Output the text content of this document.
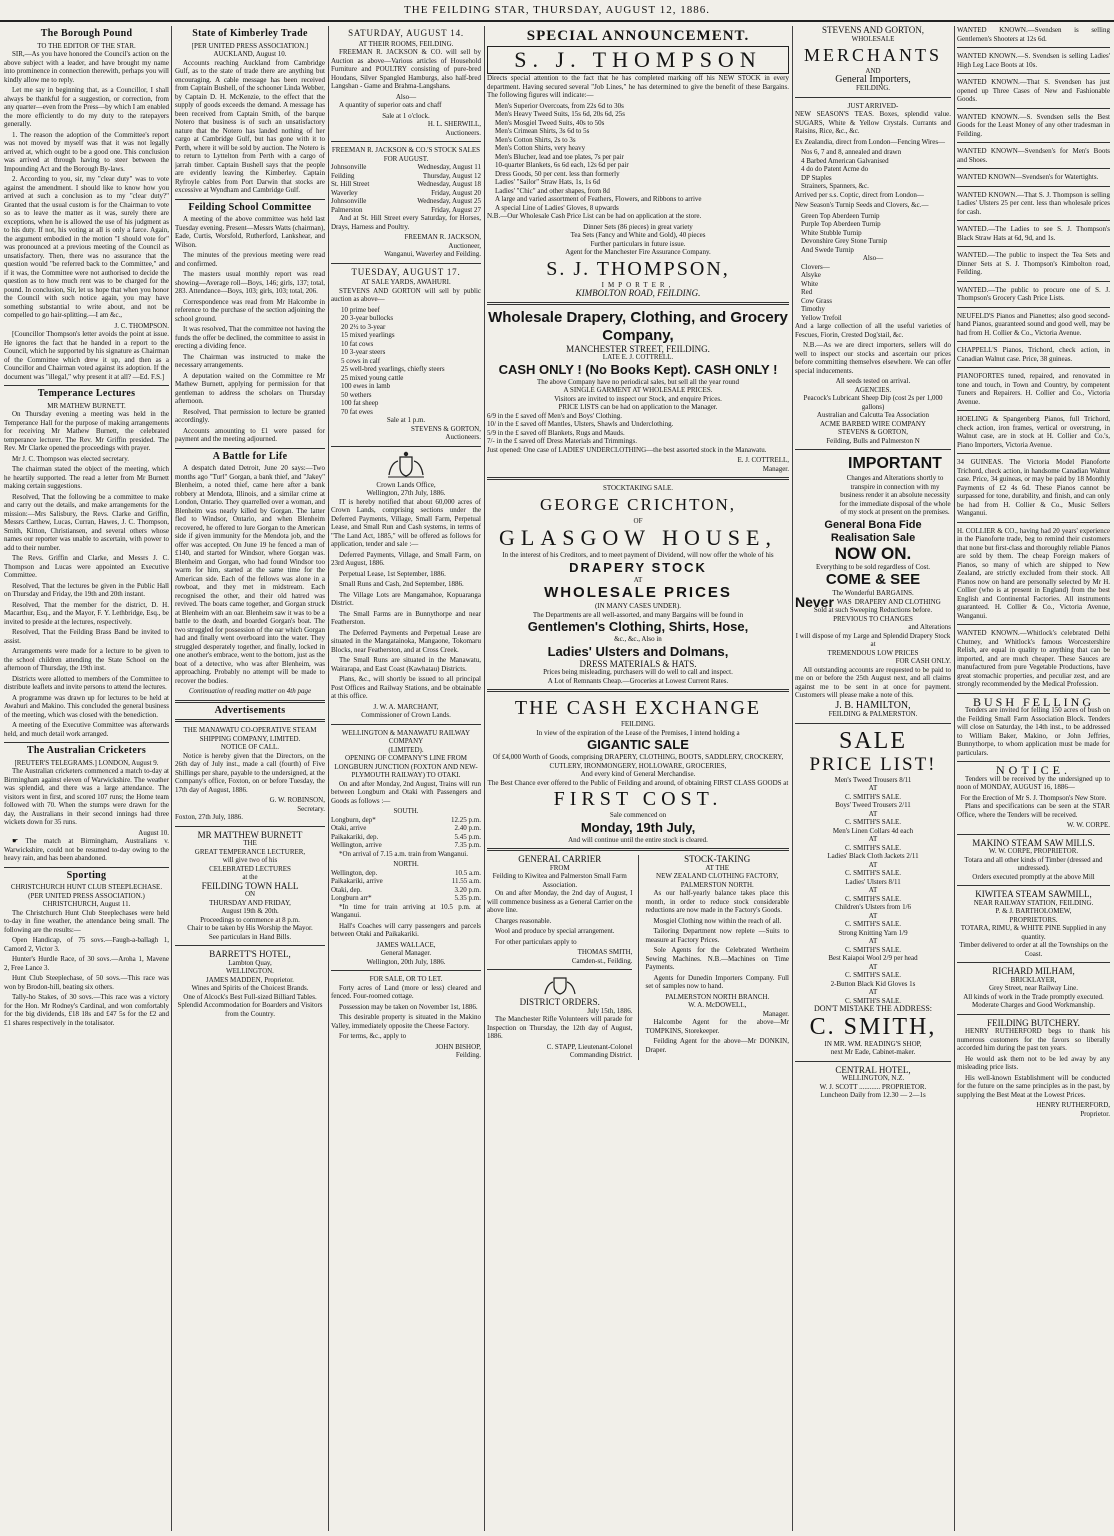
THE FEILDING STAR, THURSDAY, AUGUST 12, 1886.
The Borough Pound
TO THE EDITOR OF THE STAR.

SIR,—As you have honored the Council's action on the above subject with a leader, and have brought my name into prominence in connection therewith, perhaps you will kindly allow me to reply.

Let me say in beginning that, as a Councillor, I shall always be thankful for a suggestion, or correction, from any quarter—even from the Press—by which I am enabled the more efficiently to do my duty to the ratepayers generally.

1. The reason the adoption of the Committee's report was not moved by myself was that it was not legally arrived at, which ought to be a good one. This conclusion was arrived at through having to steer between the Impounding Act and the Borough By-laws.

2. According to you, sir, my "clear duty" was to vote against the amendment. I should like to know how you arrived at such a conclusion as to my "clear duty?" Granted that the usual custom is for the Chairman to vote so as to leave the matter as it was, surely there are exceptions, when he is allowed the use of his judgment as to his duty. If not, his voting at all is only a farce. Again, the argument embodied in the motion "I should vote for" was pronounced at a previous meeting of the Council as unsatisfactory. Then, there was no assurance that the question would "be referred back to the Committee," and if it was, the Committee were not authorised to decide the question as to how much rent was to be charged for the pound. In conclusion, Sir, let us hope that when you honor the Council with such notice again, you may have something substantial to write about, and not be compelled to go hair-splitting.—I am &c.,

J. C. THOMPSON.

[Councillor Thompson's letter avoids the point at issue. He ignores the fact that he handed in a report to the Council, which he supported by his signature as Chairman of the Committee which drew it up, and then as a Councillor and Chairman voted against its adoption. If the document was "illegal," why present it at all? —Ed. F.S.]

Temperance Lectures
MR MATHEW BURNETT.

On Thursday evening a meeting was held in the Temperance Hall for the purpose of making arrangements for receiving Mr Mathew Burnett, the celebrated temperance lecturer. The Rev. Mr Griffin presided. The Rev. Mr Clarke opened the proceedings with prayer.

Mr J. C. Thompson was elected secretary.

The chairman stated the object of the meeting, which he heartily supported. The read a letter from Mr Burnett making certain suggestions.

Resolved, That the following be a committee to make and carry out the details, and make arrangements for the mission:—Mrs Salisbury, the Revs. Clarke and Griffin, Messrs Carthew, Lucas, Curran, Hawes, J. C. Thompson, Smith, Kitton, Christiansen, and several others whose names our reporter was unable to ascertain, with power to add to their number.

The Revs. Griffin and Clarke, and Messrs J. C. Thompson and Lucas were appointed an Executive Committee.

Resolved, That the lectures be given in the Public Hall on Thursday and Friday, the 19th and 20th instant.

Resolved, That the member for the district, D. H. Macarthur, Esq., and the Mayor, F. Y. Lethbridge, Esq., be invited to preside at the lectures, respectively.

Resolved, That the Feilding Brass Band be invited to assist.

Arrangements were made for a lecture to be given to the school children attending the State School on the afternoon of Thursday, the 19th inst.

Districts were allotted to members of the Committee to distribute leaflets and invite persons to attend the lectures.

A programme was drawn up for lectures to be held at Awahuri and Makino. This concluded the general business of the meeting, which was closed with the benediction.

A meeting of the Executive Committee was afterwards held, and much detail work arranged.

The Australian Cricketers
[REUTER'S TELEGRAMS.] LONDON, August 9.

The Australian cricketers commenced a match to-day at Birmingham against eleven of Warwickshire. The weather was splendid, and there was a large attendance. The visitors went in first, and scored 107 runs; the Home team followed with 70. When the stumps were drawn for the day, the Australians in their second innings had three wickets down for 35 runs.

August 10.

☛ The match at Birmingham, Australians v. Warwickshire, could not be resumed to-day owing to the heavy rain, and has been abandoned.

Sporting
CHRISTCHURCH HUNT CLUB STEEPLECHASE.
(PER UNITED PRESS ASSOCIATION.) CHRISTCHURCH, August 11.

The Christchurch Hunt Club Steeplechases were held to-day in fine weather, the attendance being small. The following are the results:—

Open Handicap, of 75 sovs.—Faugh-a-ballagh 1, Camord 2, Victor 3.

Hunter's Hurdle Race, of 30 sovs.—Aroha 1, Mavene 2, Free Lance 3.

Hunt Club Steeplechase, of 50 sovs.—This race was won by Brodon-hill, beating six others.

Tally-ho Stakes, of 30 sovs.—This race was a victory for the Hon. Mr Rodney's Cardinal, and won comfortably for the big dividends, £18 18s and £47 5s for the £2 and £1 shares respectively in the totalisator.

State of Kimberley Trade
[PER UNITED PRESS ASSOCIATION.]
AUCKLAND, August 10.

Accounts reaching Auckland from Cambridge Gulf, as to the state of trade there are anything but encouraging. A cable message has been received from Captain Bushell, of the schooner Linda Webber, by Captain D. H. McKenzie, to the effect that the supply of goods exceeds the demand. A message has been received from Captain Smith, of the barque Notero that business is of such an unsatisfactory nature that the Notero has landed nothing of her cargo at Cambridge Gulf, but has gone with it to Perth, where it will be sold by auction. The Notero is to return to Lyttelton from Perth with a cargo of jarrah timber. Captain Bushell says that the people are evidently leaving the Kimberley. Captain Ryfroyle cables from Port Darwin that stocks are excessive at Wyndham and Cambridge Gulf.

Feilding School Committee

A meeting of the above committee was held last Tuesday evening. Present—Messrs Watts (chairman), Eade, Curtis, Worsfold, Rutherford, Lankshear, and Wilson.

The minutes of the previous meeting were read and confirmed.

The masters usual monthly report was read showing—Average roll—Boys, 146; girls, 137; total, 283. Attendance—Boys, 103; girls, 103; total, 206.

Correspondence was read from Mr Halcombe in reference to the purchase of the section adjoining the school ground.

It was resolved, That the committee not having the funds the offer be declined, the committee to assist in erecting a dividing fence.

The Chairman was instructed to make the necessary arrangements.

A deputation waited on the Committee re Mr Mathew Burnett, applying for permission for that gentleman to address the scholars on Thursday afternoon.

Resolved, That permission to lecture be granted accordingly.

Accounts amounting to £1 were passed for payment and the meeting adjourned.

A Battle for Life

A despatch dated Detroit, June 20 says:—Two months ago "Turl" Gorgan, a bank thief, and "Jakey" Blenheim, a noted thief, came here after a bank robbery at Mendota, Illinois, and a similar crime at London, Ontario. They quarrelled over a woman, and Blenheim was nearly killed by Gorgan. The latter fled to Windsor, Ontario, and when Blenheim recovered, he offered to lure Gorgan to the American side if given immunity for the Mendota job, and the offer was accepted. On June 19 he fenced a man of £140, and started for Windsor, where Gorgan was. Blenheim and Gorgan, who had found Windsor too warm for him, started at the same time for the American side. Each of the fellows was alone in a rowboat, and they met in midstream. Each recognised the other, and their old hatred was revived. The boats came together, and Gorgan struck at Blenheim with an oar. Blenheim saw it was to be a battle to the death, and boarded Gorgan's boat. The two struggled for possession of the oar which Gorgan had and finally went overboard into the water. They struggled desperately together, and finally, locked in one another's embrace, went to the bottom, just as the boat of a detective, who was after Blenheim, was approaching. Probably no attempt will be made to recover the bodies.

Continuation of reading matter on 4th page
Advertisements
THE MANAWATU CO-OPERATIVE STEAM SHIPPING COMPANY, LIMITED.
NOTICE OF CALL.

Notice is hereby given that the Directors, on the 26th day of July inst., made a call (fourth) of Five Shillings per share, payable to the undersigned, at the Company's office, Foxton, on or before Tuesday, the 17th day of August, 1886.

G. W. ROBINSON,
Secretary.
Foxton, 27th July, 1886.
MR MATTHEW BURNETT
THE
GREAT TEMPERANCE LECTURER,
will give two of his
CELEBRATED LECTURES
at the
FEILDING TOWN HALL
ON
THURSDAY AND FRIDAY,
August 19th & 20th.
Proceedings to commence at 8 p.m.
Chair to be taken by His Worship the Mayor.
See particulars in Hand Bills.
BARRETT'S HOTEL,
Lambton Quay,
WELLINGTON.
JAMES MADDEN, Proprietor.
Wines and Spirits of the Choicest Brands.
One of Alcock's Best Full-sized Billiard Tables.
Splendid Accommodation for Boarders and Visitors from the Country.
SATURDAY, AUGUST 14.
AT THEIR ROOMS, FEILDING.

FREEMAN R. JACKSON & CO. will sell by Auction as above—Various articles of Household Furniture and POULTRY consisting of pure-bred Houdans, Silver Spangled Hamburgs, also half-bred Langshan - Game and Brahma-Langshans.

Also—

A quantity of superior oats and chaff

Sale at 1 o'clock.
H. L. SHERWILL,
Auctioneers.
FREEMAN R. JACKSON & CO.'S STOCK SALES FOR AUGUST.
Johnsonville	Wednesday, August 11
Feilding	Thursday, August 12
St. Hill Street	Wednesday, August 18
Waverley	Friday, August 20
Johnsonville	Wednesday, August 25
Palmerston	Friday, August 27

And at St. Hill Street every Saturday, for Horses, Drays, Harness and Poultry.

FREEMAN R. JACKSON,
Auctioneer,
Wanganui, Waverley and Feilding.
TUESDAY, AUGUST 17.
AT SALE YARDS, AWAHURI.

STEVENS AND GORTON will sell by public auction as above—

10 prime beef
20 3-year bullocks
20 2½ to 3-year
15 mixed yearlings
10 fat cows
10 3-year steers
5 cows in calf
25 well-bred yearlings, chiefly steers
25 mixed young cattle
100 ewes in lamb
50 wethers
100 fat sheep
70 fat ewes
Sale at 1 p.m.
STEVENS & GORTON,
Auctioneers.
Crown Lands Office,
Wellington, 27th July, 1886.

IT is hereby notified that about 60,000 acres of Crown Lands, comprising sections under the Deferred Payments, Village, Small Farm, Perpetual Lease, and Small Run and Cash systems, in terms of "The Land Act, 1885," will be offered as follows for application, tender and sale :—

Deferred Payments, Village, and Small Farm, on 23rd August, 1886.

Perpetual Lease, 1st September, 1886.

Small Runs and Cash, 2nd September, 1886.

The Village Lots are Mangamahoe, Kopuaranga District.

The Small Farms are in Bunnythorpe and near Featherston.

The Deferred Payments and Perpetual Lease are situated in the Mangatainoka, Mangaone, Tokomaru Blocks, near Featherston, and at Cross Creek.

The Small Runs are situated in the Manawatu, Wairarapa, and East Coast (Kawhatau) Districts.

Plans, &c., will shortly be issued to all principal Post Offices and Railway Stations, and be obtainable at this office.

J. W. A. MARCHANT,
Commissioner of Crown Lands.
WELLINGTON & MANAWATU RAILWAY COMPANY
(LIMITED).
OPENING OF COMPANY'S LINE FROM LONGBURN JUNCTION (FOXTON AND NEW-PLYMOUTH RAILWAY) TO OTAKI.

On and after Monday, 2nd August, Trains will run between Longburn and Otaki with Passengers and Goods as follows :—

SOUTH.
Longburn, dep*	12.25 p.m.
Otaki, arrive	2.40 p.m.
Paikakariki, dep.	5.45 p.m.
Wellington, arrive	7.35 p.m.

*On arrival of 7.15 a.m. train from Wanganui.

NORTH.
Wellington, dep.	10.5 a.m.
Paikakariki, arrive	11.55 a.m.
Otaki, dep.	3.20 p.m.
Longburn arr*	5.35 p.m.

*In time for train arriving at 10.5 p.m. at Wanganui.

Hall's Coaches will carry passengers and parcels between Otaki and Paikakariki.

JAMES WALLACE,
General Manager.
Wellington, 20th July, 1886.
FOR SALE, OR TO LET.

Forty acres of Land (more or less) cleared and fenced. Four-roomed cottage.

Possession may be taken on November 1st, 1886.

This desirable property is situated in the Makino Valley, immediately opposite the Cheese Factory.

For terms, &c., apply to

JOHN BISHOP,
Feilding.
SPECIAL ANNOUNCEMENT.
S. J. THOMPSON

Directs special attention to the fact that he has completed marking off his NEW STOCK in every department. Having secured several "Job Lines," he has determined to give the benefit of these Bargains. The following figures will indicate:—

Men's Superior Overcoats, from 22s 6d to 30s
Men's Heavy Tweed Suits, 15s 6d, 20s 6d, 25s
Men's Mosgiel Tweed Suits, 40s to 50s
Men's Crimean Shirts, 3s 6d to 5s
Men's Cotton Shirts, 2s to 3s
Men's Cotton Shirts, very heavy
Men's Blucher, lead and toe plates, 7s per pair
10-quarter Blankets, 6s 6d each, 12s 6d per pair
Dress Goods, 50 per cent. less than formerly
Ladies' "Sailor" Straw Hats, 1s, 1s 6d
Ladies' "Chic" and other shapes, from 8d
A large and varied assortment of Feathers, Flowers, and Ribbons to arrive
A special Line of Ladies' Gloves, 8 upwards

N.B.—Our Wholesale Cash Price List can be had on application at the store.

Dinner Sets (86 pieces) in great variety
Tea Sets (Fancy and White and Gold), 40 pieces
Further particulars in future issue.
Agent for the Manchester Fire Assurance Company.
S. J. THOMPSON,
IMPORTER,
KIMBOLTON ROAD, FEILDING.
Wholesale Drapery, Clothing, and Grocery Company,
MANCHESTER STREET, FEILDING.
LATE E. J. COTTRELL.
CASH ONLY ! (No Books Kept). CASH ONLY !
The above Company have no periodical sales, but sell all the year round
A SINGLE GARMENT AT WHOLESALE PRICES.
Visitors are invited to inspect our Stock, and enquire Prices.
PRICE LISTS can be had on application to the Manager.
6/9 in the £ saved off Men's and Boys' Clothing.
10/ in the £ saved off Mantles, Ulsters, Shawls and Underclothing.
5/9 in the £ saved off Blankets, Rugs and Mauds.
7/- in the £ saved off Dress Materials and Trimmings.

Just opened: One case of LADIES' UNDERCLOTHING—the best assorted stock in the Manawatu.

E. J. COTTRELL,
Manager.
STOCKTAKING SALE.
GEORGE CRICHTON,
OF
GLASGOW HOUSE,
In the interest of his Creditors, and to meet payment of Dividend, will now offer the whole of his
DRAPERY STOCK
AT
WHOLESALE PRICES
(IN MANY CASES UNDER).
The Departments are all well-assorted, and many Bargains will be found in
Gentlemen's Clothing, Shirts, Hose,
&c., &c., Also in
Ladies' Ulsters and Dolmans,
DRESS MATERIALS & HATS.
Prices being misleading, purchasers will do well to call and inspect.
A Lot of Remnants Cheap.—Groceries at Lowest Current Rates.
THE CASH EXCHANGE
FEILDING.
In view of the expiration of the Lease of the Premises, I intend holding a
GIGANTIC SALE
Of £4,000 Worth of Goods, comprising DRAPERY, CLOTHING, BOOTS, SADDLERY, CROCKERY, CUTLERY, IRONMONGERY, HOLLOWARE, GROCERIES,
And every kind of General Merchandise.
The Best Chance ever offered to the Public of Feilding and around, of obtaining FIRST CLASS GOODS at
FIRST COST.
Sale commenced on
Monday, 19th July,
And will continue until the entire stock is cleared.
GENERAL CARRIER
FROM
Feilding to Kiwitea and Palmerston Small Farm Association.

On and after Monday, the 2nd day of August, I will commence business as a General Carrier on the above line.

Charges reasonable.

Wool and produce by special arrangement.

For other particulars apply to

THOMAS SMITH,
Camden-st., Feilding.
DISTRICT ORDERS.
July 15th, 1886.

The Manchester Rifle Volunteers will parade for Inspection on Thursday, the 12th day of August, 1886.

C. STAPP, Lieutenant-Colonel
Commanding District.
STOCK-TAKING
AT THE
NEW ZEALAND CLOTHING FACTORY,
PALMERSTON NORTH.

As our half-yearly balance takes place this month, in order to reduce stock considerable reductions are now made in the Factory's Goods.

Mosgiel Clothing now within the reach of all.

Tailoring Department now replete —Suits to measure at Factory Prices.

Sole Agents for the Celebrated Wertheim Sewing Machines. N.B.—Machines on Time Payments.

Agents for Dunedin Importers Company. Full set of samples now to hand.

PALMERSTON NORTH BRANCH.
W. A. McDOWELL,
Manager.

Halcombe Agent for the above—Mr TOMPKINS, Storekeeper.

Feilding Agent for the above—Mr DONKIN, Draper.

STEVENS AND GORTON,
WHOLESALE
MERCHANTS
AND
General Importers,
FEILDING.
JUST ARRIVED-

NEW SEASON'S TEAS. Boxes, splendid value. SUGARS, White & Yellow Crystals. Currants and Raisins, Rice, &c., &c.

Ex Zealandia, direct from London—Fencing Wires—

Nos 6, 7 and 8, annealed and drawn
4 Barbed American Galvanised
4 do do Patent Acme do
DP Staples
Strainers, Spanners, &c.

Arrived per s.s. Coptic, direct from London—

New Season's Turnip Seeds and Clovers, &c.—

Green Top Aberdeen Turnip
Purple Top Aberdeen Turnip
White Stubble Turnip
Devonshire Grey Stone Turnip
And Swede Turnip
Also—
Clovers—
Alsyke
White
Red
Cow Grass
Timothy
Yellow Trefoil

And a large collection of all the useful varieties of Fescues, Fiorin, Crested Dog'stail, &c.

N.B.—As we are direct importers, sellers will do well to inspect our stocks and ascertain our prices before committing themselves elsewhere. We can offer special inducements.

All seeds tested on arrival.
AGENCIES.
Peacock's Lubricant Sheep Dip (cost 2s per 1,000 gallons)
Australian and Calcutta Tea Association
ACME BARBED WIRE COMPANY
STEVENS & GORTON,
Feilding, Bulls and Palmerston N
IMPORTANT

Changes and Alterations shortly to transpire in connection with my business render it an absolute necessity for the immediate disposal of the whole of my stock at present on the premises.

General Bona Fide
Realisation Sale
NOW ON.
Everything to be sold regardless of Cost.
COME & SEE
The Wonderful BARGAINS.
Never WAS DRAPERY AND CLOTHING
Sold at such Sweeping Reductions before.
PREVIOUS TO CHANGES
and Alterations
I will dispose of my Large and Splendid Drapery Stock at
TREMENDOUS LOW PRICES
FOR CASH ONLY.

All outstanding accounts are requested to be paid to me on or before the 25th August next, and all claims against me to be sent in at once for payment. Customers will please make a note of this.

J. B. HAMILTON,
FEILDING & PALMERSTON.
SALE
PRICE LIST!
Men's Tweed Trousers 8/11
AT
C. SMITH'S SALE.
Boys' Tweed Trousers 2/11
AT
C. SMITH'S SALE.
Men's Linen Collars 4d each
AT
C. SMITH'S SALE.
Ladies' Black Cloth Jackets 2/11
AT
C. SMITH'S SALE.
Ladies' Ulsters 8/11
AT
C. SMITH'S SALE.
Children's Ulsters from 1/6
AT
C. SMITH'S SALE.
Strong Knitting Yarn 1/9
AT
C. SMITH'S SALE.
Best Kaiapoi Wool 2/9 per head
AT
C. SMITH'S SALE.
2-Button Black Kid Gloves 1s
AT
C. SMITH'S SALE.
DON'T MISTAKE THE ADDRESS:
C. SMITH,
IN MR. WM. READING'S SHOP,
next Mr Eade, Cabinet-maker.
CENTRAL HOTEL,
WELLINGTON, N.Z.
W. J. SCOTT ............ PROPRIETOR.
Luncheon Daily from 12.30 — 2—1s

WANTED KNOWN.—Svendsen is selling Gentlemen's Shooters at 12s 6d.

WANTED KNOWN.—S. Svendsen is selling Ladies' High Leg Lace Boots at 10s.

WANTED KNOWN.—That S. Svendsen has just opened up Three Cases of New and Fashionable Goods.

WANTED KNOWN.—S. Svendsen sells the Best Goods for the Least Money of any other tradesman in Feilding.

WANTED KNOWN—Svendsen's for Men's Boots and Shoes.

WANTED KNOWN—Svendsen's for Watertights.

WANTED KNOWN.—That S. J. Thompson is selling Ladies' Ulsters 25 per cent. less than wholesale prices for cash.

WANTED.—The Ladies to see S. J. Thompson's Black Straw Hats at 6d, 9d, and 1s.

WANTED.—The public to inspect the Tea Sets and Dinner Sets at S. J. Thompson's Kimbolton road, Feilding.

WANTED.—The public to procure one of S. J. Thompson's Grocery Cash Price Lists.

NEUFELD'S Pianos and Pianettes; also good second-hand Pianos, guaranteed sound and good well, may be had from H. Collier & Co., Victoria Avenue.

CHAPPELL'S Pianos, Trichord, check action, in Canadian Walnut case. Price, 38 guineas.

PIANOFORTES tuned, repaired, and renovated in tone and touch, in Town and Country, by competent Tuners and Repairers. H. Collier and Co., Victoria Avenue.

HOELING & Spangenberg Pianos, full Trichord, check action, iron frames, vertical or overstrung, in Walnut case, are in stock at H. Collier and Co.'s, Piano Importers, Victoria Avenue.

34 GUINEAS. The Victoria Model Pianoforte Trichord, check action, in handsome Canadian Walnut case. Price, 34 guineas, or may be paid by 18 Monthly Payments of £2 4s 6d. These Pianos cannot be surpassed for tone, durability, and finish, and can only be had from H. Collier & Co., Music Sellers Wanganui.

H. COLLIER & CO., having had 20 years' experience in the Pianoforte trade, beg to remind their customers that none but first-class and thoroughly reliable Pianos are sold by them. The cheap Foreign makers of Pianos, so many of which are shipped to New Zealand, are strictly excluded from their stock. All Pianos now on hand are personally selected by Mr H. Collier (who is at present in England) from the best English and Continental Factories. All instruments guaranteed. H. Collier & Co., Victoria Avenue, Wanganui.

WANTED KNOWN.—Whitlock's celebrated Delhi Chutney, and Whitlock's famous Worcestershire Relish, are equal in quality to anything that can be imported, and are much cheaper. These Sauces are manufactured from pure Vegetable Productions, have great stomachic properties, and peculiar zest, and are strongly recommended by the Medical Profession.

BUSH FELLING

Tenders are invited for felling 150 acres of bush on the Feilding Small Farm Association Block. Tenders will close on Saturday, the 14th inst., to be addressed to William Baker, Makino, or John Jeffries, Bunnythorpe, to whom application must be made for particulars.

NOTICE.

Tenders will be received by the undersigned up to noon of MONDAY, AUGUST 16, 1886—

For the Erection of Mr S. J. Thompson's New Store.

Plans and specifications can be seen at the STAR Office, where the Tenders will be received.

W. W. CORPE.
MAKINO STEAM SAW MILLS.
W. W. CORPE, PROPRIETOR.
Totara and all other kinds of Timber (dressed and undressed).
Orders executed promptly at the above Mill
KIWITEA STEAM SAWMILL,
NEAR RAILWAY STATION, FEILDING.
P. & J. BARTHOLOMEW,
PROPRIETORS.
TOTARA, RIMU, & WHITE PINE Supplied in any quantity.
Timber delivered to order at all the Townships on the Coast.
RICHARD MILHAM,
BRICKLAYER,
Grey Street, near Railway Line.
All kinds of work in the Trade promptly executed.
Moderate Charges and Good Workmanship.
FEILDING BUTCHERY.

HENRY RUTHERFORD begs to thank his numerous customers for the favors so liberally accorded him during the past ten years.

He would ask them not to be led away by any misleading price lists.

His well-known Establishment will be conducted for the future on the same principles as in the past, by supplying the Best Meat at the Lowest Prices.

HENRY RUTHERFORD,
Proprietor.
